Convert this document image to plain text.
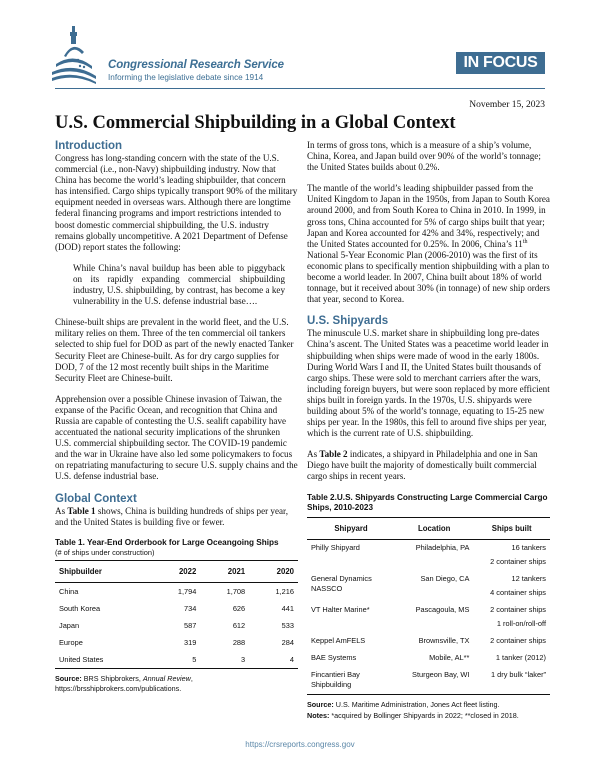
Congressional Research Service
Informing the legislative debate since 1914
IN FOCUS
November 15, 2023
U.S. Commercial Shipbuilding in a Global Context
Introduction

Congress has long-standing concern with the state of the U.S. commercial (i.e., non-Navy) shipbuilding industry. Now that China has become the world’s leading shipbuilder, that concern has intensified. Cargo ships typically transport 90% of the military equipment needed in overseas wars. Although there are longtime federal financing programs and import restrictions intended to boost domestic commercial shipbuilding, the U.S. industry remains globally uncompetitive. A 2021 Department of Defense (DOD) report states the following:

While China’s naval buildup has been able to piggyback on its rapidly expanding commercial shipbuilding industry, U.S. shipbuilding, by contrast, has become a key vulnerability in the U.S. defense industrial base….

Chinese-built ships are prevalent in the world fleet, and the U.S. military relies on them. Three of the ten commercial oil tankers selected to ship fuel for DOD as part of the newly enacted Tanker Security Fleet are Chinese-built. As for dry cargo supplies for DOD, 7 of the 12 most recently built ships in the Maritime Security Fleet are Chinese-built.

Apprehension over a possible Chinese invasion of Taiwan, the expanse of the Pacific Ocean, and recognition that China and Russia are capable of contesting the U.S. sealift capability have accentuated the national security implications of the shrunken U.S. commercial shipbuilding sector. The COVID-19 pandemic and the war in Ukraine have also led some policymakers to focus on repatriating manufacturing to secure U.S. supply chains and the U.S. defense industrial base.

Global Context

As Table 1 shows, China is building hundreds of ships per year, and the United States is building five or fewer.

Table 1. Year-End Orderbook for Large Oceangoing Ships
(# of ships under construction)
Shipbuilder	2022	2021	2020
China	1,794	1,708	1,216
South Korea	734	626	441
Japan	587	612	533
Europe	319	288	284
United States	5	3	4

Source: BRS Shipbrokers, Annual Review, https://brsshipbrokers.com/publications.

In terms of gross tons, which is a measure of a ship’s volume, China, Korea, and Japan build over 90% of the world’s tonnage; the United States builds about 0.2%.

The mantle of the world’s leading shipbuilder passed from the United Kingdom to Japan in the 1950s, from Japan to South Korea around 2000, and from South Korea to China in 2010. In 1999, in gross tons, China accounted for 5% of cargo ships built that year; Japan and Korea accounted for 42% and 34%, respectively; and the United States accounted for 0.25%. In 2006, China’s 11th National 5-Year Economic Plan (2006-2010) was the first of its economic plans to specifically mention shipbuilding with a plan to become a world leader. In 2007, China built about 18% of world tonnage, but it received about 30% (in tonnage) of new ship orders that year, second to Korea.

U.S. Shipyards

The minuscule U.S. market share in shipbuilding long pre-dates China’s ascent. The United States was a peacetime world leader in shipbuilding when ships were made of wood in the early 1800s. During World Wars I and II, the United States built thousands of cargo ships. These were sold to merchant carriers after the wars, including foreign buyers, but were soon replaced by more efficient ships built in foreign yards. In the 1970s, U.S. shipyards were building about 5% of the world’s tonnage, equating to 15-25 new ships per year. In the 1980s, this fell to around five ships per year, which is the current rate of U.S. shipbuilding.

As Table 2 indicates, a shipyard in Philadelphia and one in San Diego have built the majority of domestically built commercial cargo ships in recent years.

Table 2.U.S. Shipyards Constructing Large Commercial Cargo Ships, 2010-2023
Shipyard	Location	Ships built
Philly Shipyard	Philadelphia, PA	16 tankers
2 container ships

General Dynamics NASSCO	San Diego, CA	12 tankers
4 container ships

VT Halter Marine*	Pascagoula, MS	2 container ships
1 roll-on/roll-off

Keppel AmFELS	Brownsville, TX	2 container ships
BAE Systems	Mobile, AL**	1 tanker (2012)
Fincantieri Bay Shipbuilding	Sturgeon Bay, WI	1 dry bulk “laker”

Source: U.S. Maritime Administration, Jones Act fleet listing.
Notes: *acquired by Bollinger Shipyards in 2022; **closed in 2018.
https://crsreports.congress.gov
